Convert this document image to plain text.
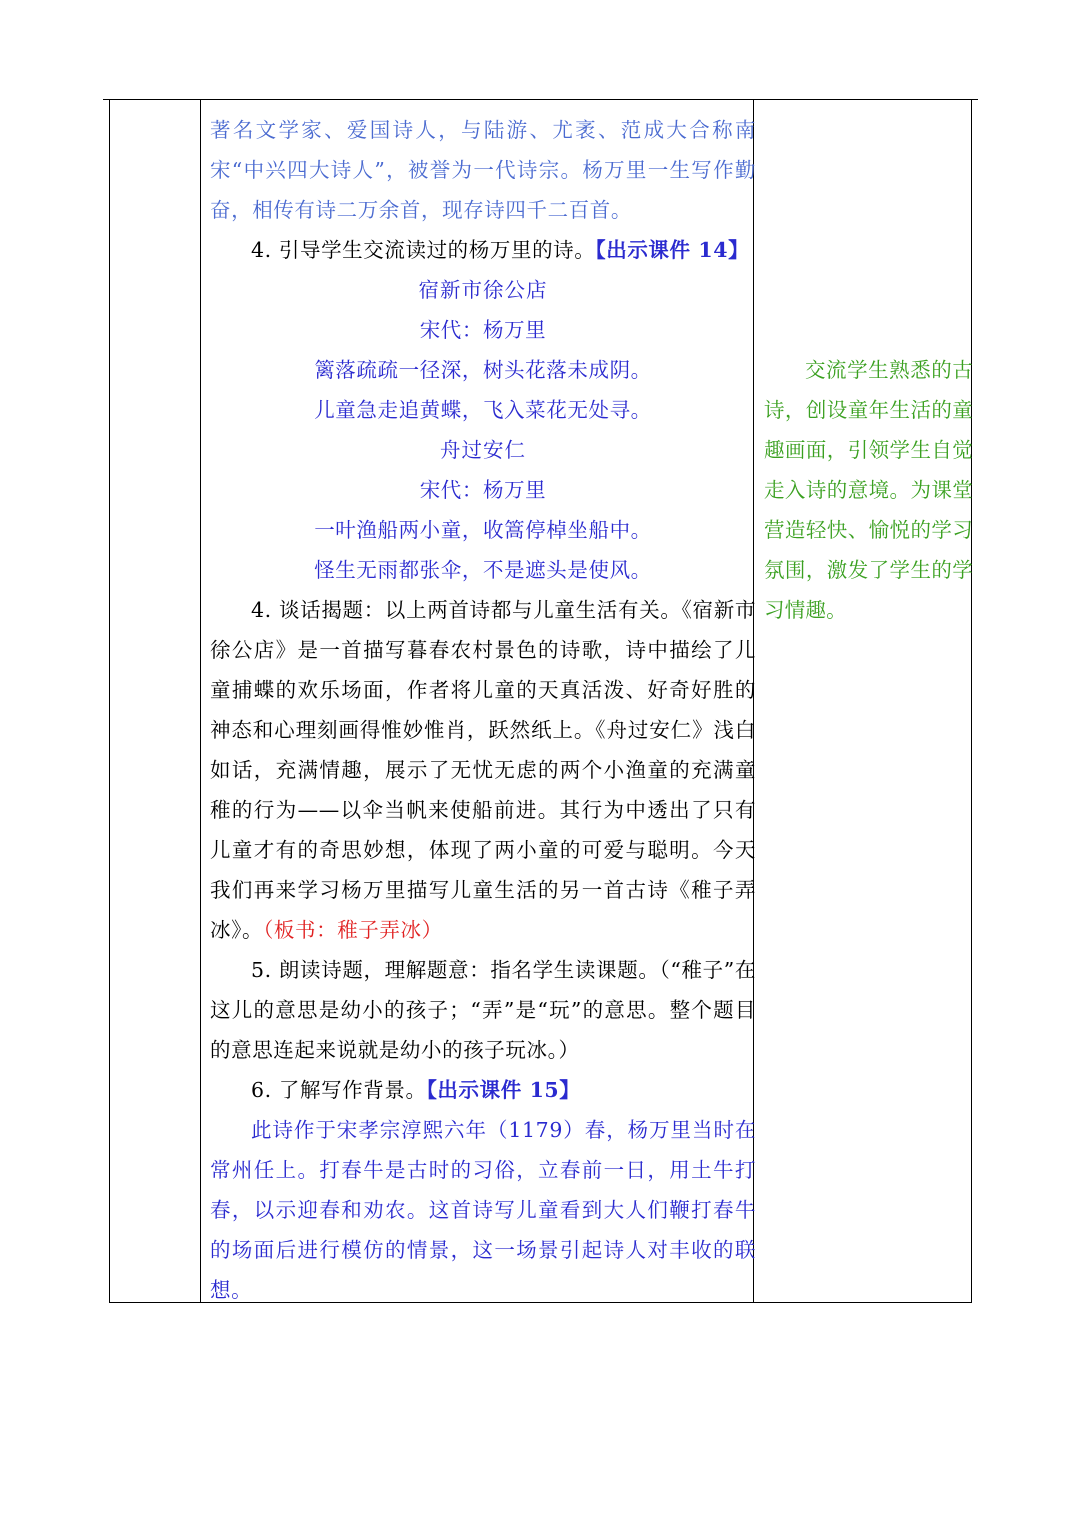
著名文学家、爱国诗人，与陆游、尤袤、范成大合称南宋“中兴四大诗人”，被誉为一代诗宗。杨万里一生写作勤奋，相传有诗二万余首，现存诗四千二百首。

4. 引导学生交流读过的杨万里的诗。【出示课件 14】

宿新市徐公店

宋代：杨万里

篱落疏疏一径深，树头花落未成阴。

儿童急走追黄蝶，飞入菜花无处寻。

舟过安仁

宋代：杨万里

一叶渔船两小童，收篙停棹坐船中。

怪生无雨都张伞，不是遮头是使风。

4. 谈话揭题：以上两首诗都与儿童生活有关。《宿新市徐公店》是一首描写暮春农村景色的诗歌，诗中描绘了儿童捕蝶的欢乐场面，作者将儿童的天真活泼、好奇好胜的神态和心理刻画得惟妙惟肖，跃然纸上。《舟过安仁》浅白如话，充满情趣，展示了无忧无虑的两个小渔童的充满童稚的行为——以伞当帆来使船前进。其行为中透出了只有儿童才有的奇思妙想，体现了两小童的可爱与聪明。今天我们再来学习杨万里描写儿童生活的另一首古诗《稚子弄冰》。（板书：稚子弄冰）

5. 朗读诗题，理解题意：指名学生读课题。（“稚子”在这儿的意思是幼小的孩子；“弄”是“玩”的意思。整个题目的意思连起来说就是幼小的孩子玩冰。）

6. 了解写作背景。【出示课件 15】

此诗作于宋孝宗淳熙六年（1179）春，杨万里当时在常州任上。打春牛是古时的习俗，立春前一日，用土牛打春，以示迎春和劝农。这首诗写儿童看到大人们鞭打春牛的场面后进行模仿的情景，这一场景引起诗人对丰收的联想。

交流学生熟悉的古诗，创设童年生活的童趣画面，引领学生自觉走入诗的意境。为课堂营造轻快、愉悦的学习氛围，激发了学生的学习情趣。
